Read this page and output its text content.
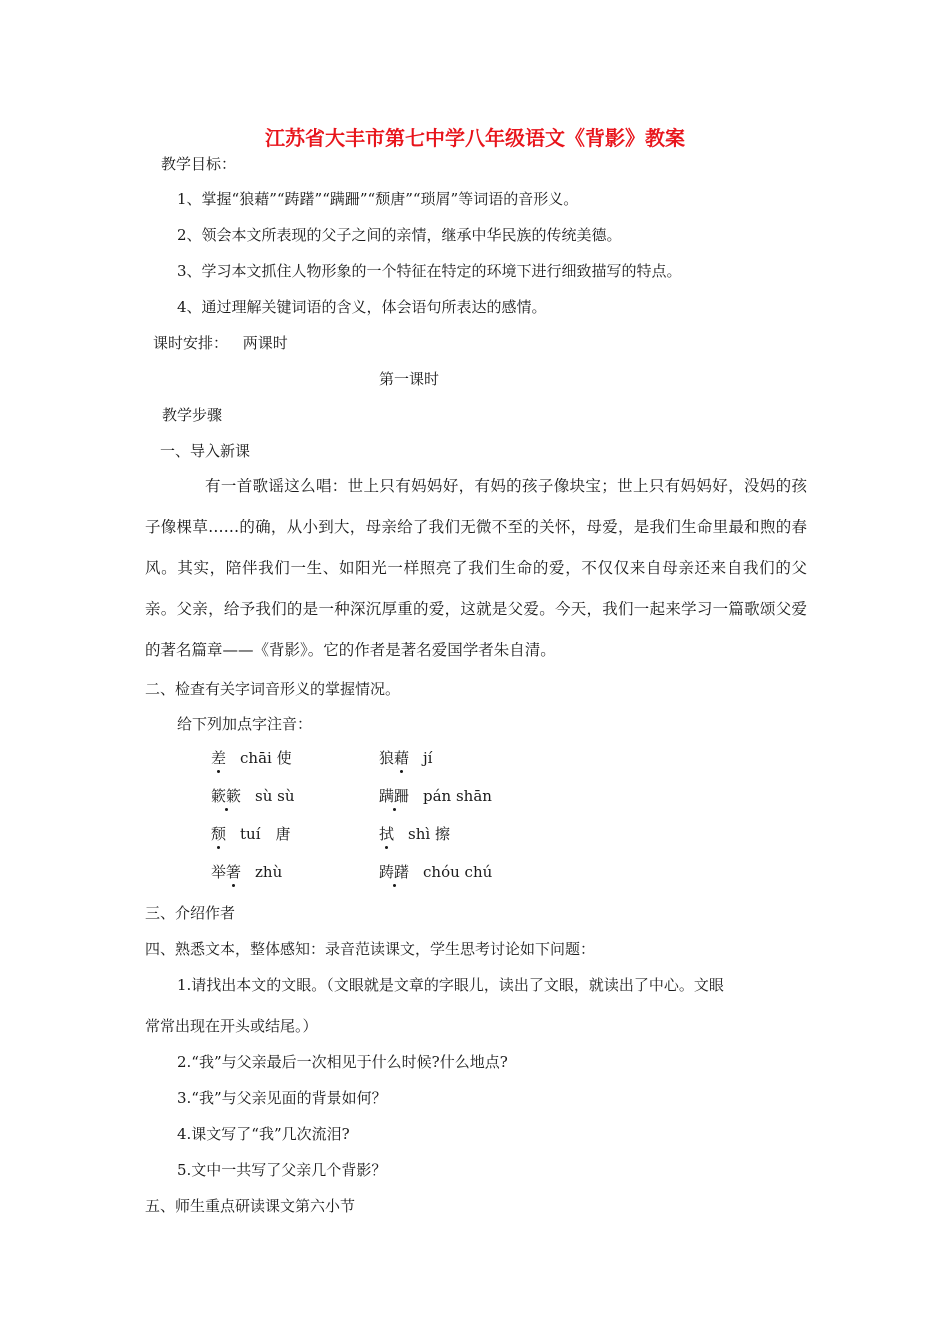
江苏省大丰市第七中学八年级语文《背影》教案
教学目标：
1、掌握“狼藉”“踌躇”“蹒跚”“颓唐”“琐屑”等词语的音形义。
2、领会本文所表现的父子之间的亲情，继承中华民族的传统美德。
3、学习本文抓住人物形象的一个特征在特定的环境下进行细致描写的特点。
4、通过理解关键词语的含义，体会语句所表达的感情。
课时安排： 两课时
第一课时
教学步骤
一、导入新课

有一首歌谣这么唱：世上只有妈妈好，有妈的孩子像块宝；世上只有妈妈好，没妈的孩子像棵草……的确，从小到大，母亲给了我们无微不至的关怀，母爱，是我们生命里最和煦的春风。其实，陪伴我们一生、如阳光一样照亮了我们生命的爱，不仅仅来自母亲还来自我们的父亲。父亲，给予我们的是一种深沉厚重的爱，这就是父爱。今天，我们一起来学习一篇歌颂父爱的著名篇章——《背影》。它的作者是著名爱国学者朱自清。

二、检查有关字词音形义的掌握情况。
给下列加点字注音：
差 chāi 使	狼藉 jí
簌簌 sù sù	蹒跚 pán shān
颓 tuí　唐	拭 shì 擦
举箸 zhù	踌躇 chóu chú
三、介绍作者
四、熟悉文本，整体感知：录音范读课文，学生思考讨论如下问题：
1.请找出本文的文眼。（文眼就是文章的字眼儿，读出了文眼，就读出了中心。文眼
常常出现在开头或结尾。）
2.“我”与父亲最后一次相见于什么时候?什么地点?
3.“我”与父亲见面的背景如何？
4.课文写了“我”几次流泪?
5.文中一共写了父亲几个背影？
五、师生重点研读课文第六小节
